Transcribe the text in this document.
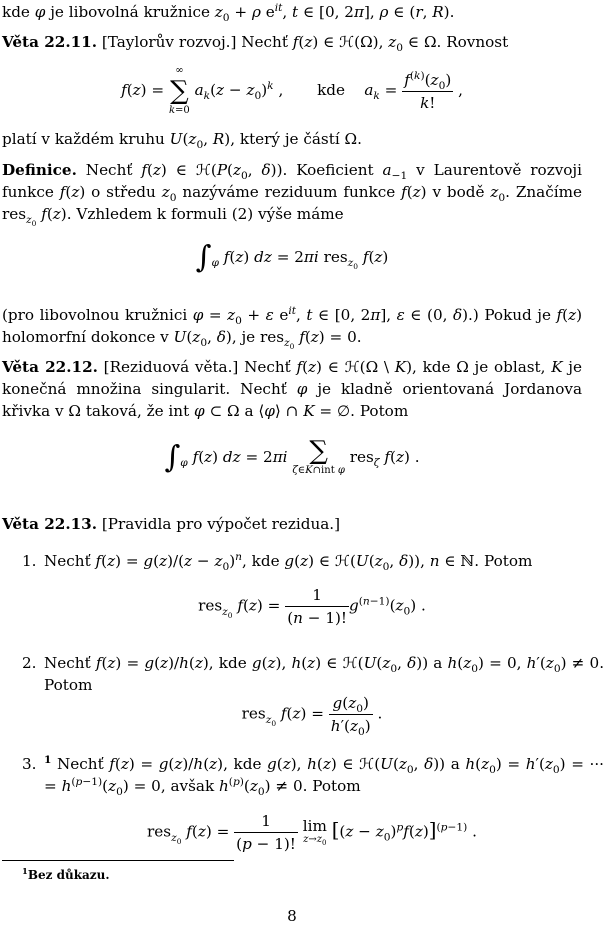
kde φ je libovolná kružnice $z_0 + \rho$ $e^{it}$, t ∈ [0, 2π], ρ ∈ (r, R).

Věta 22.11. [Taylorův rozvoj.] Nechť f(z) ∈ ℋ(Ω), $z_0$ ∈ Ω. Rovnost

f(z) =
∞
∑
k=0
$a_k(z - z_0)^k$ ,       kde    $a_k = \frac{f^{(k)}(z_0)}{k!}$ ,

platí v každém kruhu $U(z_0$, R), který je částí Ω.

Definice. Nechť f(z) ∈ $ℋ(P(z_0$, δ)). Koeficient $a_{-1}$ v Laurentově rozvoji funkce f(z) o středu $z_0$ nazýváme reziduum funkce f(z) v bodě $z_0$. Značíme res$_{z_0}$ f(z). Vzhledem k formuli (2) výše máme

$\int_\varphi$ f(z) dz = 2πi res$_{z_0}$ f(z)

(pro libovolnou kružnici $\varphi = z_0 + \varepsilon$ $e^{it}$, t ∈ [0, 2π], ε ∈ (0, δ).) Pokud je f(z) holomorfní dokonce v $U(z_0$, δ), je res$_{z_0}$ f(z) = 0.

Věta 22.12. [Reziduová věta.] Nechť f(z) ∈ ℋ(Ω \ K), kde Ω je oblast, K je konečná množina singularit. Nechť φ je kladně orientovaná Jordanova křivka v Ω taková, že int φ ⊂ Ω a ⟨φ⟩ ∩ K = ∅. Potom

$\int_\varphi$ f(z) dz = 2πi ∑
ζ∈K∩int φ
res$_\zeta$ f(z) .

Věta 22.13. [Pravidla pro výpočet rezidua.]

1. Nechť $f(z) = g(z)/(z - z_0)^n$, kde g(z) ∈ $ℋ(U(z_0$, δ)), n ∈ ℕ. Potom

res$_{z_0}$ $f(z) = \frac{1}{(n - 1)!} g^{(n-1)}(z_0)$ .
2. Nechť f(z) = g(z)/h(z), kde g(z), h(z) ∈ $ℋ(U(z_0$, δ)) a $h(z_0) = 0$, $h'(z_0) \ne 0$. Potom

res$_{z_0}$ $f(z) = \frac{g(z_0)}{h'(z_0)}$ .
3. $^1$ Nechť f(z) = g(z)/h(z), kde g(z), h(z) ∈ $ℋ(U(z_0$, δ)) a $h(z_0) = h'(z_0)$ = ··· = $h^{(p-1)}(z_0) = 0$, avšak $h^{(p)}(z_0) \ne 0$. Potom

res$_{z_0}$ $f(z) = \frac{1}{(p - 1)!}$
lim
$z\to z_0$
$[(z - z_0)^pf(z)]^{(p-1)}$ .
$^1$Bez důkazu.
8
